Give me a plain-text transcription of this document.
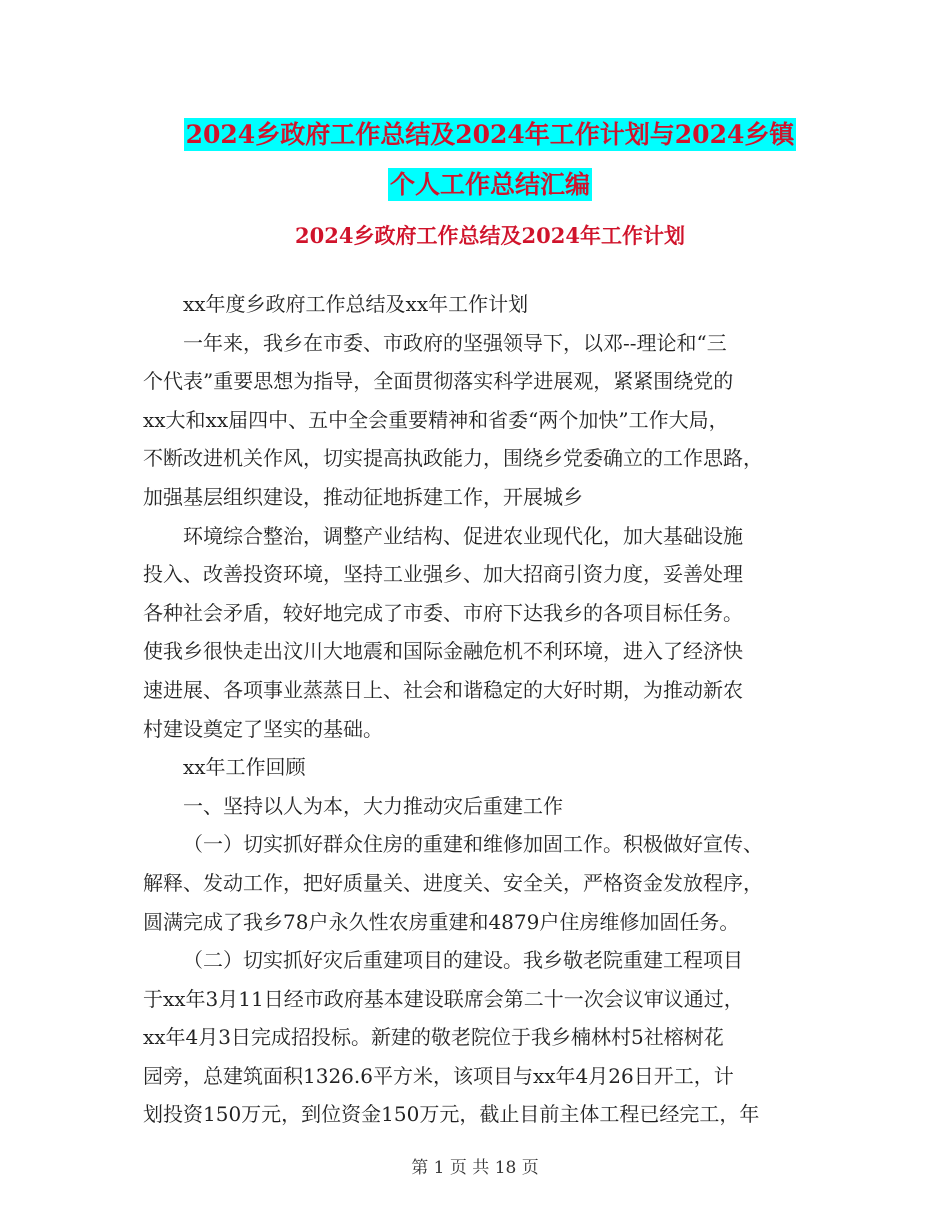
2024乡政府工作总结及2024年工作计划与2024乡镇
个人工作总结汇编
2024乡政府工作总结及2024年工作计划
xx年度乡政府工作总结及xx年工作计划
一年来，我乡在市委、市政府的坚强领导下，以邓--理论和“三
个代表”重要思想为指导，全面贯彻落实科学进展观，紧紧围绕党的
xx大和xx届四中、五中全会重要精神和省委“两个加快”工作大局，
不断改进机关作风，切实提高执政能力，围绕乡党委确立的工作思路，
加强基层组织建设，推动征地拆建工作，开展城乡
环境综合整治，调整产业结构、促进农业现代化，加大基础设施
投入、改善投资环境，坚持工业强乡、加大招商引资力度，妥善处理
各种社会矛盾，较好地完成了市委、市府下达我乡的各项目标任务。
使我乡很快走出汶川大地震和国际金融危机不利环境，进入了经济快
速进展、各项事业蒸蒸日上、社会和谐稳定的大好时期，为推动新农
村建设奠定了坚实的基础。
xx年工作回顾
一、坚持以人为本，大力推动灾后重建工作
（一）切实抓好群众住房的重建和维修加固工作。积极做好宣传、
解释、发动工作，把好质量关、进度关、安全关，严格资金发放程序，
圆满完成了我乡78户永久性农房重建和4879户住房维修加固任务。
（二）切实抓好灾后重建项目的建设。我乡敬老院重建工程项目
于xx年3月11日经市政府基本建设联席会第二十一次会议审议通过，
xx年4月3日完成招投标。新建的敬老院位于我乡楠林村5社榕树花
园旁，总建筑面积1326.6平方米，该项目与xx年4月26日开工，计
划投资150万元，到位资金150万元，截止目前主体工程已经完工，年
第 1 页 共 18 页
